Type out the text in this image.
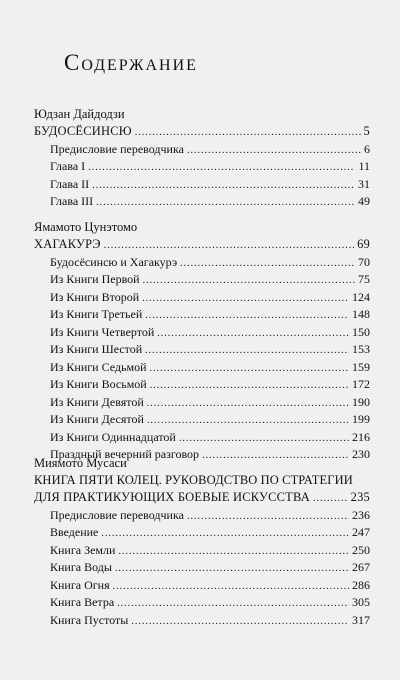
Содержание
Юдзан Дайдодзи
БУДОСЁСИНСЮ .....	5
Предисловие переводчика .....	6
Глава I .....	11
Глава II .....	31
Глава III .....	49
Ямамото Цунэтомо
ХАГАКУРЭ .....	69
Будосёсинсю и Хагакурэ .....	70
Из Книги Первой .....	75
Из Книги Второй .....	124
Из Книги Третьей .....	148
Из Книги Четвертой .....	150
Из Книги Шестой .....	153
Из Книги Седьмой .....	159
Из Книги Восьмой .....	172
Из Книги Девятой .....	190
Из Книги Десятой .....	199
Из Книги Одиннадцатой .....	216
Праздный вечерний разговор .....	230
Миямото Мусаси
КНИГА ПЯТИ КОЛЕЦ. РУКОВОДСТВО ПО СТРАТЕГИИ
ДЛЯ ПРАКТИКУЮЩИХ БОЕВЫЕ ИСКУССТВА .....	235
Предисловие переводчика .....	236
Введение .....	247
Книга Земли .....	250
Книга Воды .....	267
Книга Огня .....	286
Книга Ветра .....	305
Книга Пустоты .....	317
